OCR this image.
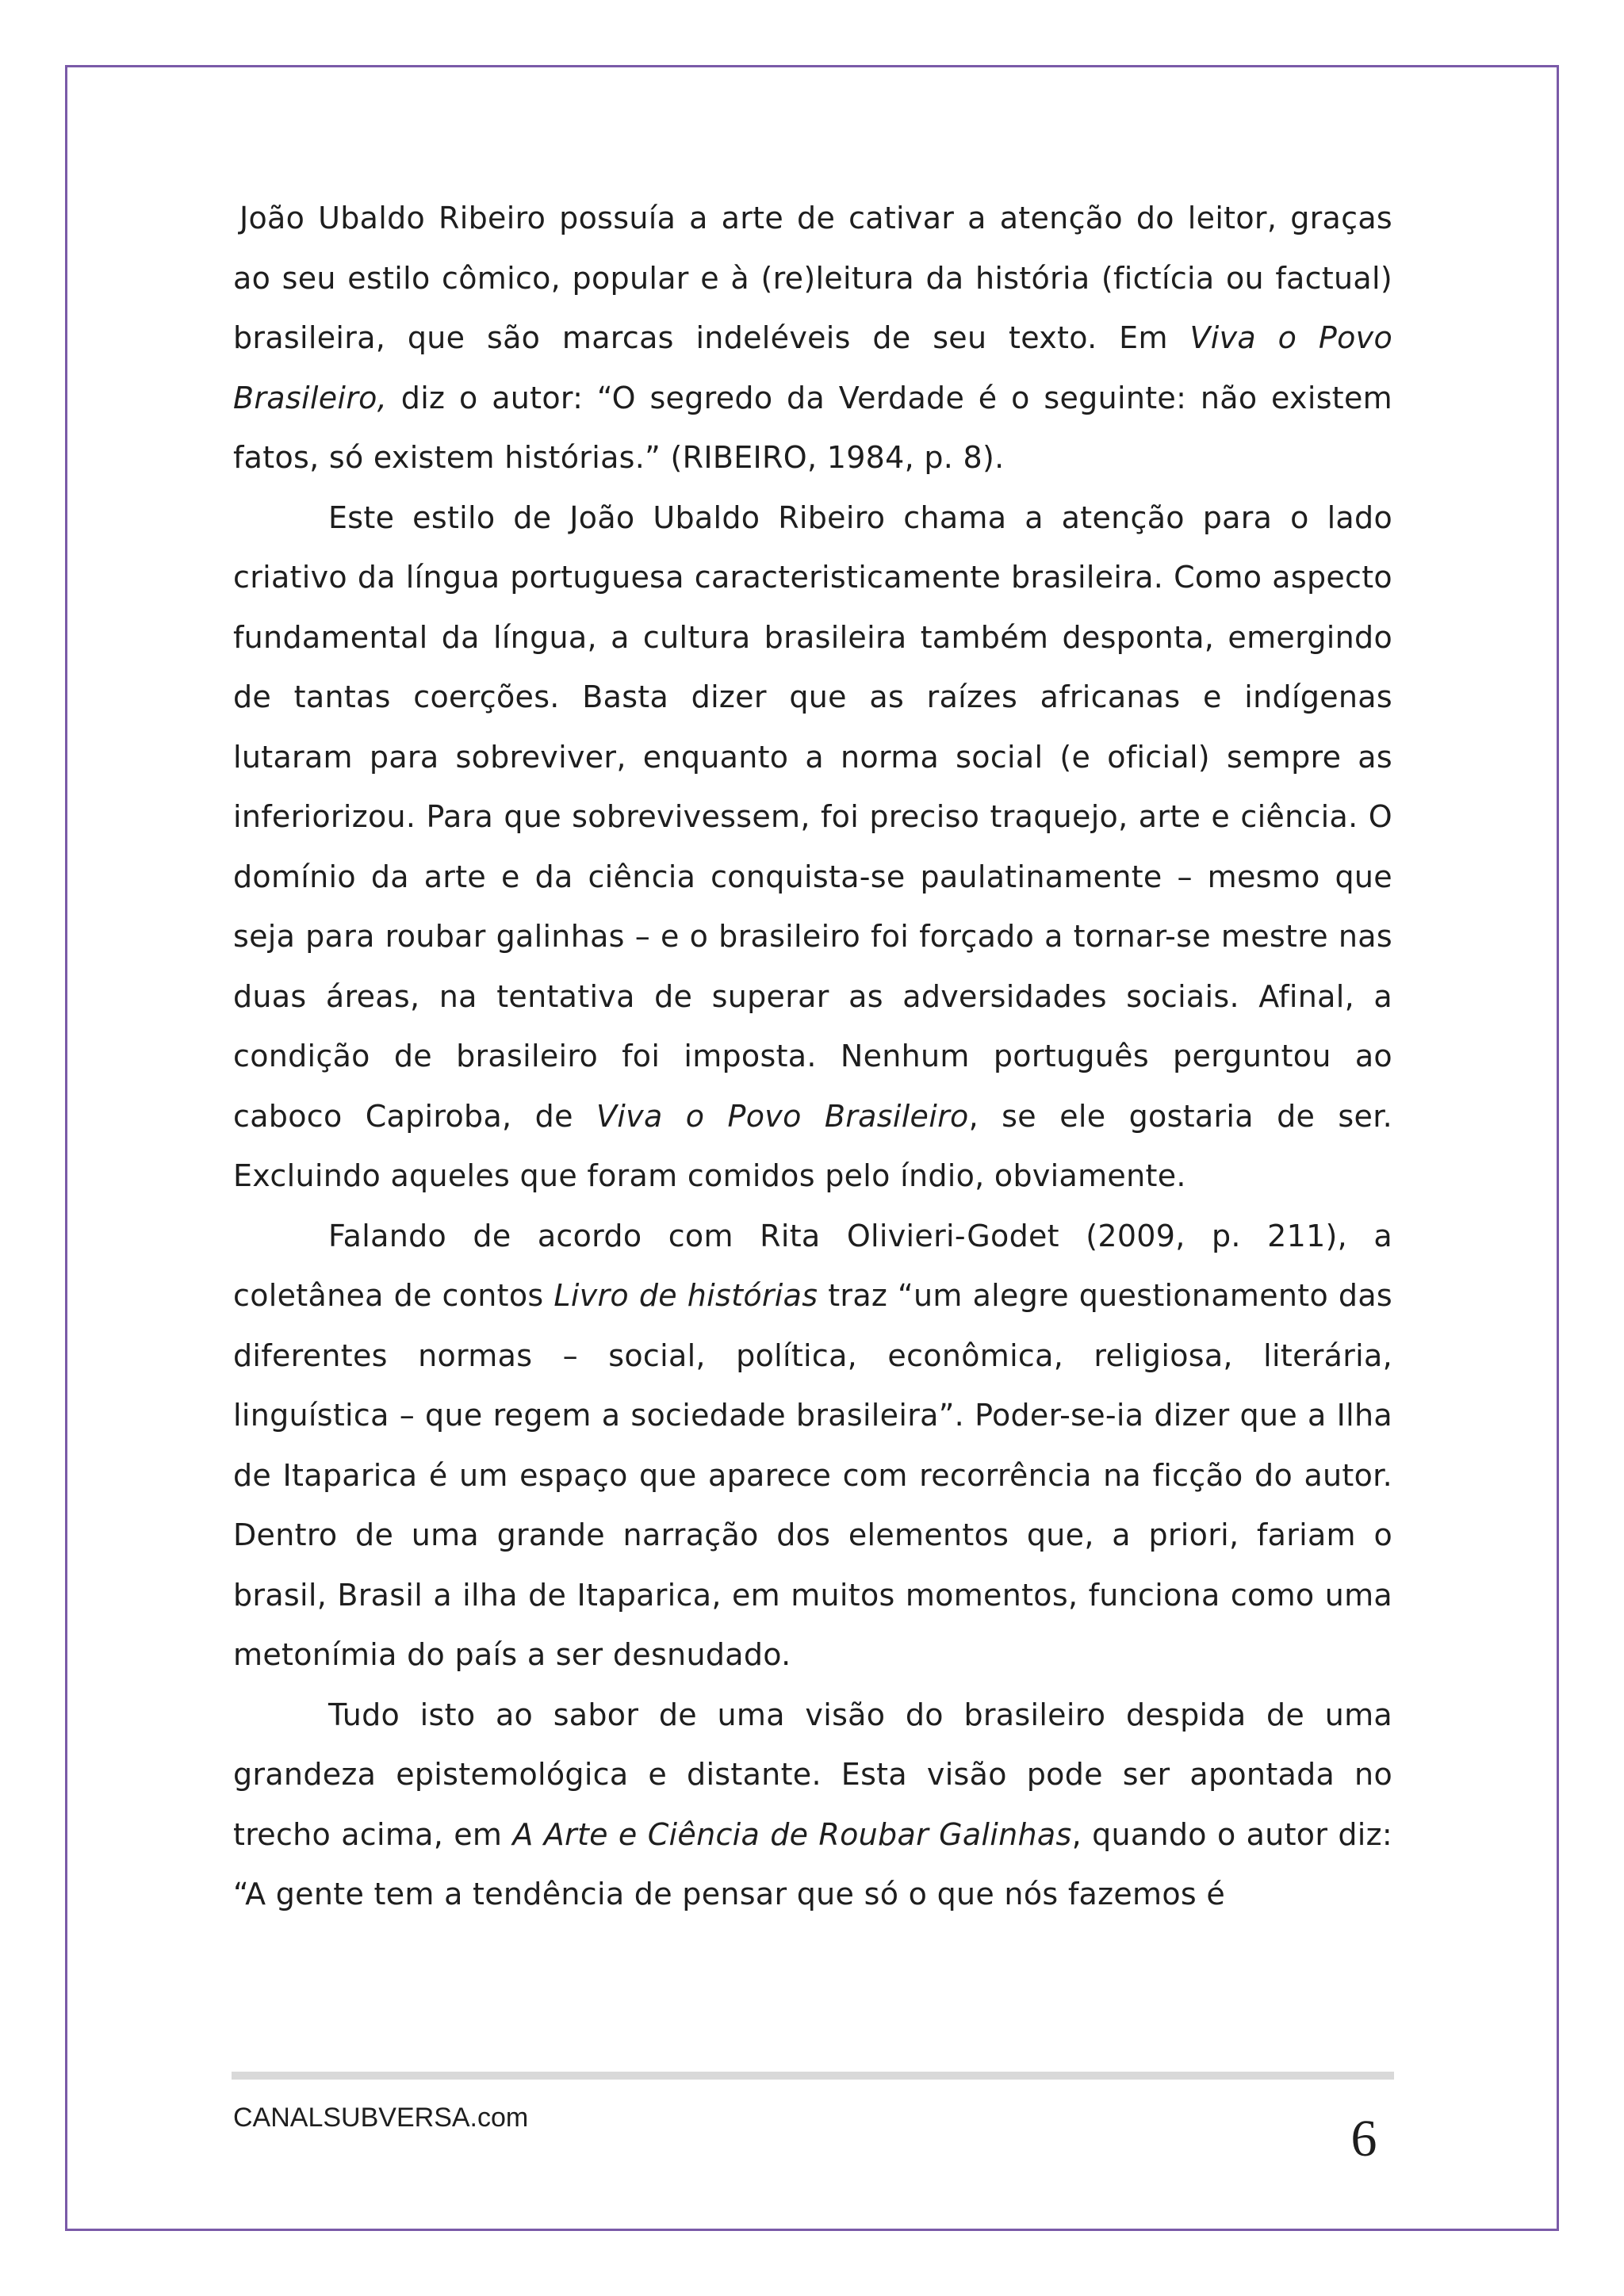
João Ubaldo Ribeiro possuía a arte de cativar a atenção do leitor, graças ao seu estilo cômico, popular e à (re)leitura da história (fictícia ou factual) brasileira, que são marcas indeléveis de seu texto. Em Viva o Povo Brasileiro, diz o autor: “O segredo da Verdade é o seguinte: não existem fatos, só existem histórias.” (RIBEIRO, 1984, p. 8).

Este estilo de João Ubaldo Ribeiro chama a atenção para o lado criativo da língua portuguesa caracteristicamente brasileira. Como aspecto fundamental da língua, a cultura brasileira também desponta, emergindo de tantas coerções. Basta dizer que as raízes africanas e indígenas lutaram para sobreviver, enquanto a norma social (e oficial) sempre as inferiorizou. Para que sobrevivessem, foi preciso traquejo, arte e ciência. O domínio da arte e da ciência conquista-se paulatinamente – mesmo que seja para roubar galinhas – e o brasileiro foi forçado a tornar-se mestre nas duas áreas, na tentativa de superar as adversidades sociais. Afinal, a condição de brasileiro foi imposta. Nenhum português perguntou ao caboco Capiroba, de Viva o Povo Brasileiro, se ele gostaria de ser. Excluindo aqueles que foram comidos pelo índio, obviamente.

Falando de acordo com Rita Olivieri-Godet (2009, p. 211), a coletânea de contos Livro de histórias traz “um alegre questionamento das diferentes normas – social, política, econômica, religiosa, literária, linguística – que regem a sociedade brasileira”. Poder-se-ia dizer que a Ilha de Itaparica é um espaço que aparece com recorrência na ficção do autor. Dentro de uma grande narração dos elementos que, a priori, fariam o brasil, Brasil a ilha de Itaparica, em muitos momentos, funciona como uma metonímia do país a ser desnudado.

Tudo isto ao sabor de uma visão do brasileiro despida de uma grandeza epistemológica e distante. Esta visão pode ser apontada no trecho acima, em A Arte e Ciência de Roubar Galinhas, quando o autor diz: “A gente tem a tendência de pensar que só o que nós fazemos é

CANALSUBVERSA.com	6
